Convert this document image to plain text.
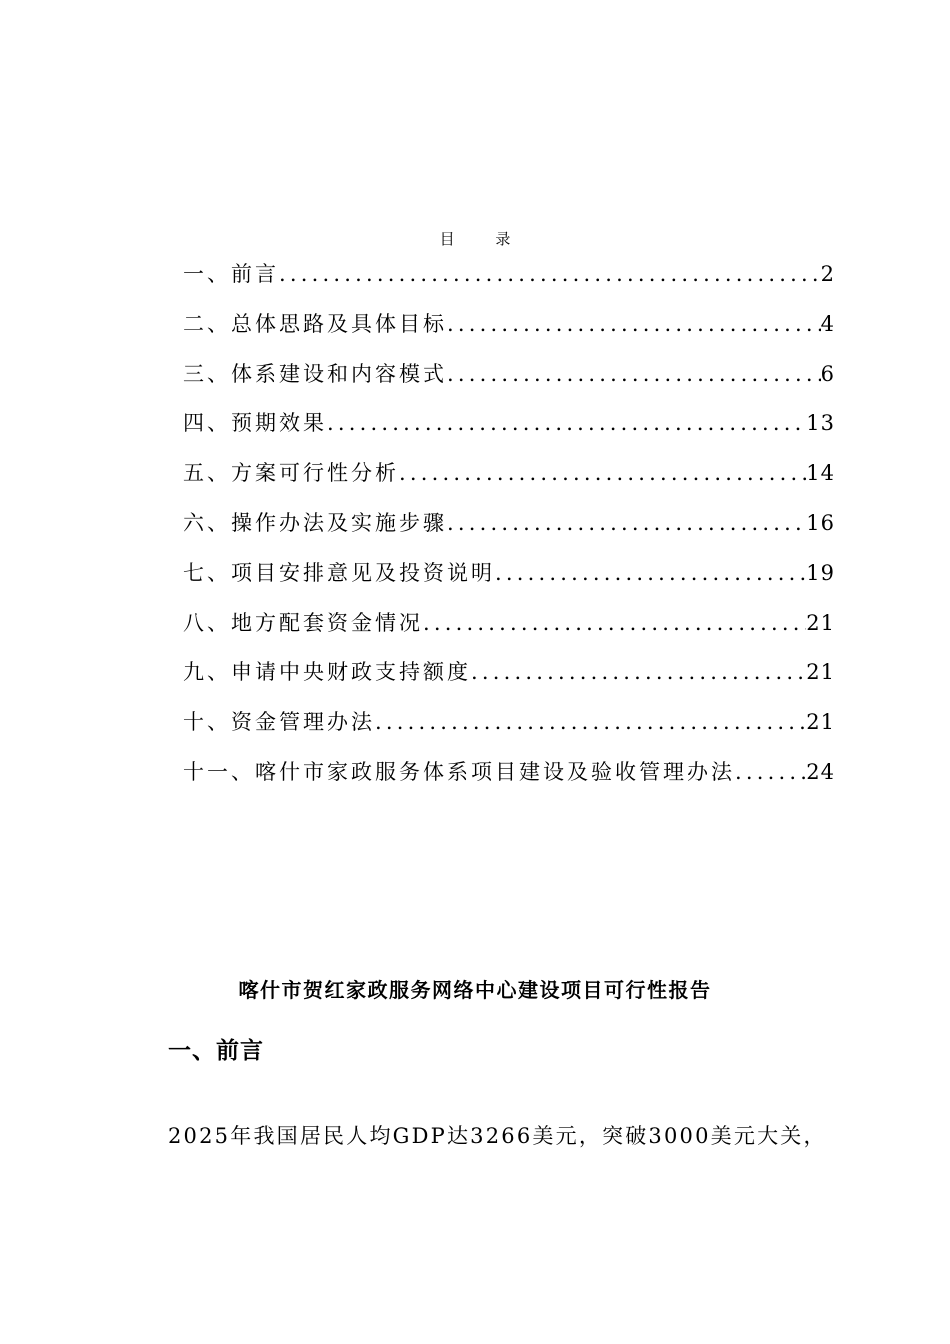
目 录
一、前言 .....	2
二、总体思路及具体目标 .....	4
三、体系建设和内容模式 .....	6
四、预期效果 .....	13
五、方案可行性分析 .....	14
六、操作办法及实施步骤 .....	16
七、项目安排意见及投资说明 .....	19
八、地方配套资金情况 .....	21
九、申请中央财政支持额度 .....	21
十、资金管理办法 .....	21
十一、喀什市家政服务体系项目建设及验收管理办法 .....	24
喀什市贺红家政服务网络中心建设项目可行性报告
一、前言
2025年我国居民人均GDP达3266美元，突破3000美元大关，
